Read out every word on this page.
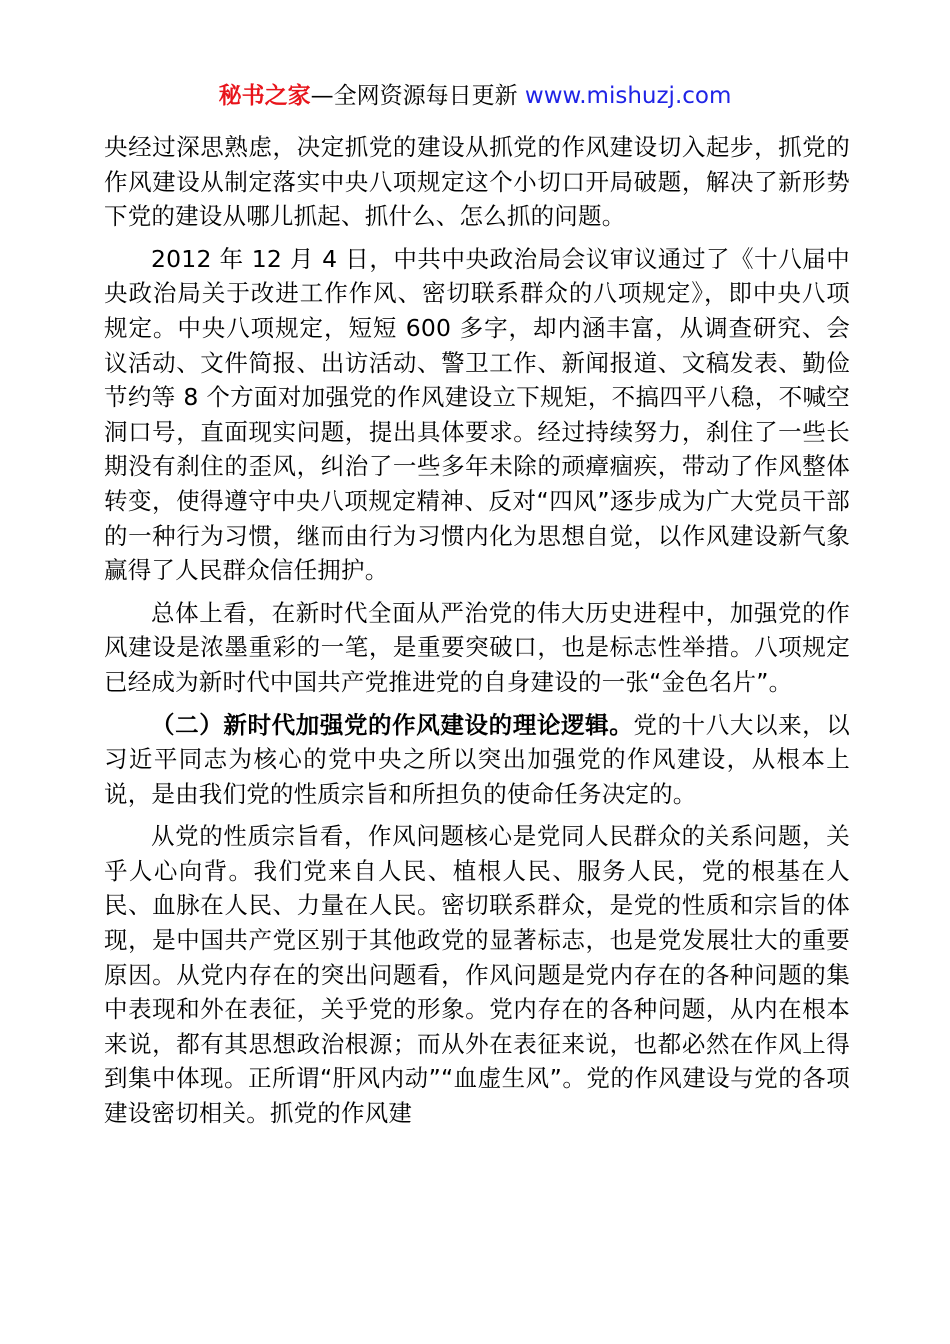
秘书之家—全网资源每日更新 www.mishuzj.com

央经过深思熟虑，决定抓党的建设从抓党的作风建设切入起步，抓党的作风建设从制定落实中央八项规定这个小切口开局破题，解决了新形势下党的建设从哪儿抓起、抓什么、怎么抓的问题。

2012 年 12 月 4 日，中共中央政治局会议审议通过了《十八届中央政治局关于改进工作作风、密切联系群众的八项规定》，即中央八项规定。中央八项规定，短短 600 多字，却内涵丰富，从调查研究、会议活动、文件简报、出访活动、警卫工作、新闻报道、文稿发表、勤俭节约等 8 个方面对加强党的作风建设立下规矩，不搞四平八稳，不喊空洞口号，直面现实问题，提出具体要求。经过持续努力，刹住了一些长期没有刹住的歪风，纠治了一些多年未除的顽瘴痼疾，带动了作风整体转变，使得遵守中央八项规定精神、反对“四风”逐步成为广大党员干部的一种行为习惯，继而由行为习惯内化为思想自觉，以作风建设新气象赢得了人民群众信任拥护。

总体上看，在新时代全面从严治党的伟大历史进程中，加强党的作风建设是浓墨重彩的一笔，是重要突破口，也是标志性举措。八项规定已经成为新时代中国共产党推进党的自身建设的一张“金色名片”。

（二）新时代加强党的作风建设的理论逻辑。党的十八大以来，以习近平同志为核心的党中央之所以突出加强党的作风建设，从根本上说，是由我们党的性质宗旨和所担负的使命任务决定的。

从党的性质宗旨看，作风问题核心是党同人民群众的关系问题，关乎人心向背。我们党来自人民、植根人民、服务人民，党的根基在人民、血脉在人民、力量在人民。密切联系群众，是党的性质和宗旨的体现，是中国共产党区别于其他政党的显著标志，也是党发展壮大的重要原因。从党内存在的突出问题看，作风问题是党内存在的各种问题的集中表现和外在表征，关乎党的形象。党内存在的各种问题，从内在根本来说，都有其思想政治根源；而从外在表征来说，也都必然在作风上得到集中体现。正所谓“肝风内动”“血虚生风”。党的作风建设与党的各项建设密切相关。抓党的作风建
